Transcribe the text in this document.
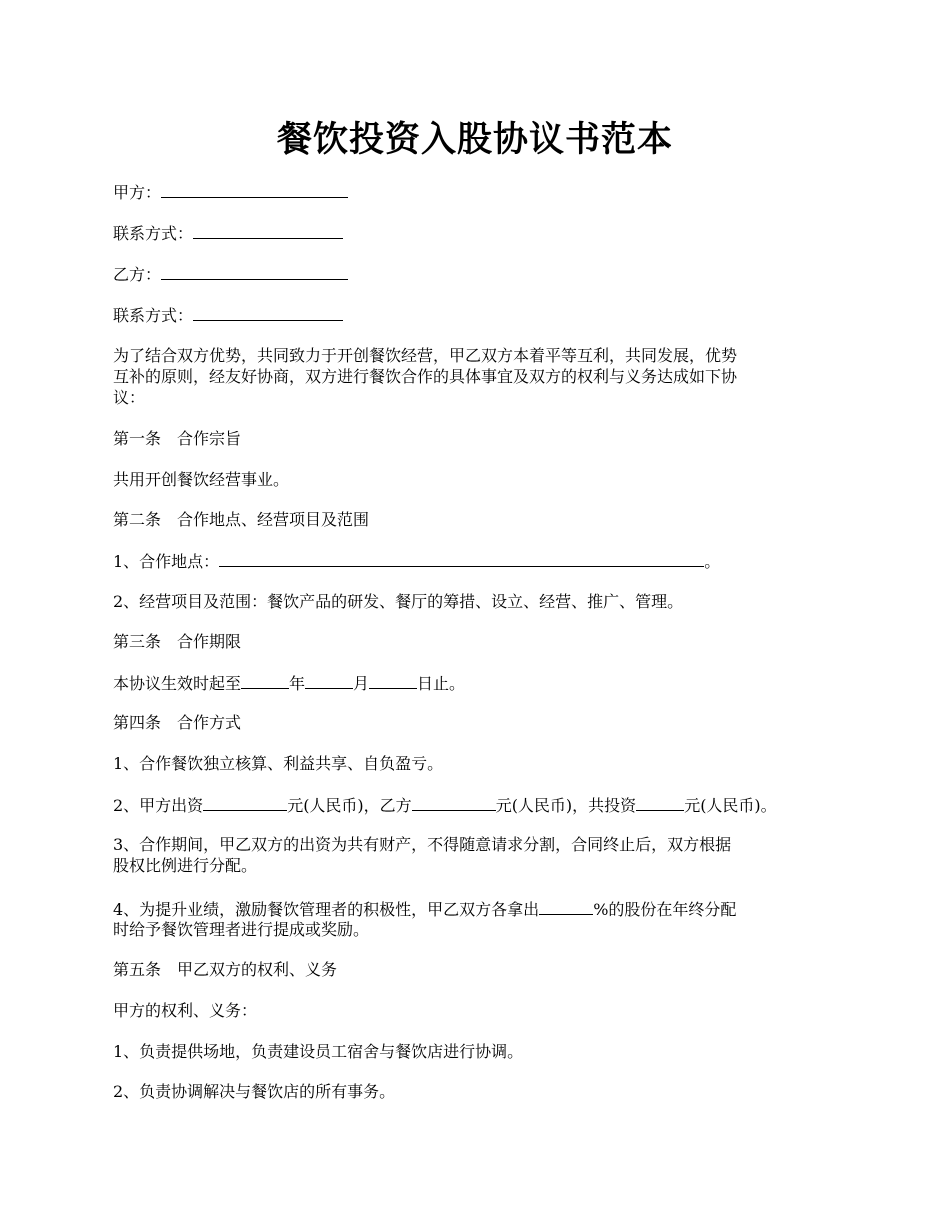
餐饮投资入股协议书范本

甲方：

联系方式：

乙方：

联系方式：

为了结合双方优势，共同致力于开创餐饮经营，甲乙双方本着平等互利，共同发展，优势

互补的原则，经友好协商，双方进行餐饮合作的具体事宜及双方的权利与义务达成如下协

议：

第一条　合作宗旨

共用开创餐饮经营事业。

第二条　合作地点、经营项目及范围

1、合作地点：	。

2、经营项目及范围：餐饮产品的研发、餐厅的筹措、设立、经营、推广、管理。

第三条　合作期限

本协议生效时起至	年	月	日止。

第四条　合作方式

1、合作餐饮独立核算、利益共享、自负盈亏。

2、甲方出资	元(人民币)，乙方	元(人民币)，共投资	元(人民币)。

3、合作期间，甲乙双方的出资为共有财产，不得随意请求分割，合同终止后，双方根据

股权比例进行分配。

4、为提升业绩，激励餐饮管理者的积极性，甲乙双方各拿出	%的股份在年终分配

时给予餐饮管理者进行提成或奖励。

第五条　甲乙双方的权利、义务

甲方的权利、义务：

1、负责提供场地，负责建设员工宿舍与餐饮店进行协调。

2、负责协调解决与餐饮店的所有事务。
